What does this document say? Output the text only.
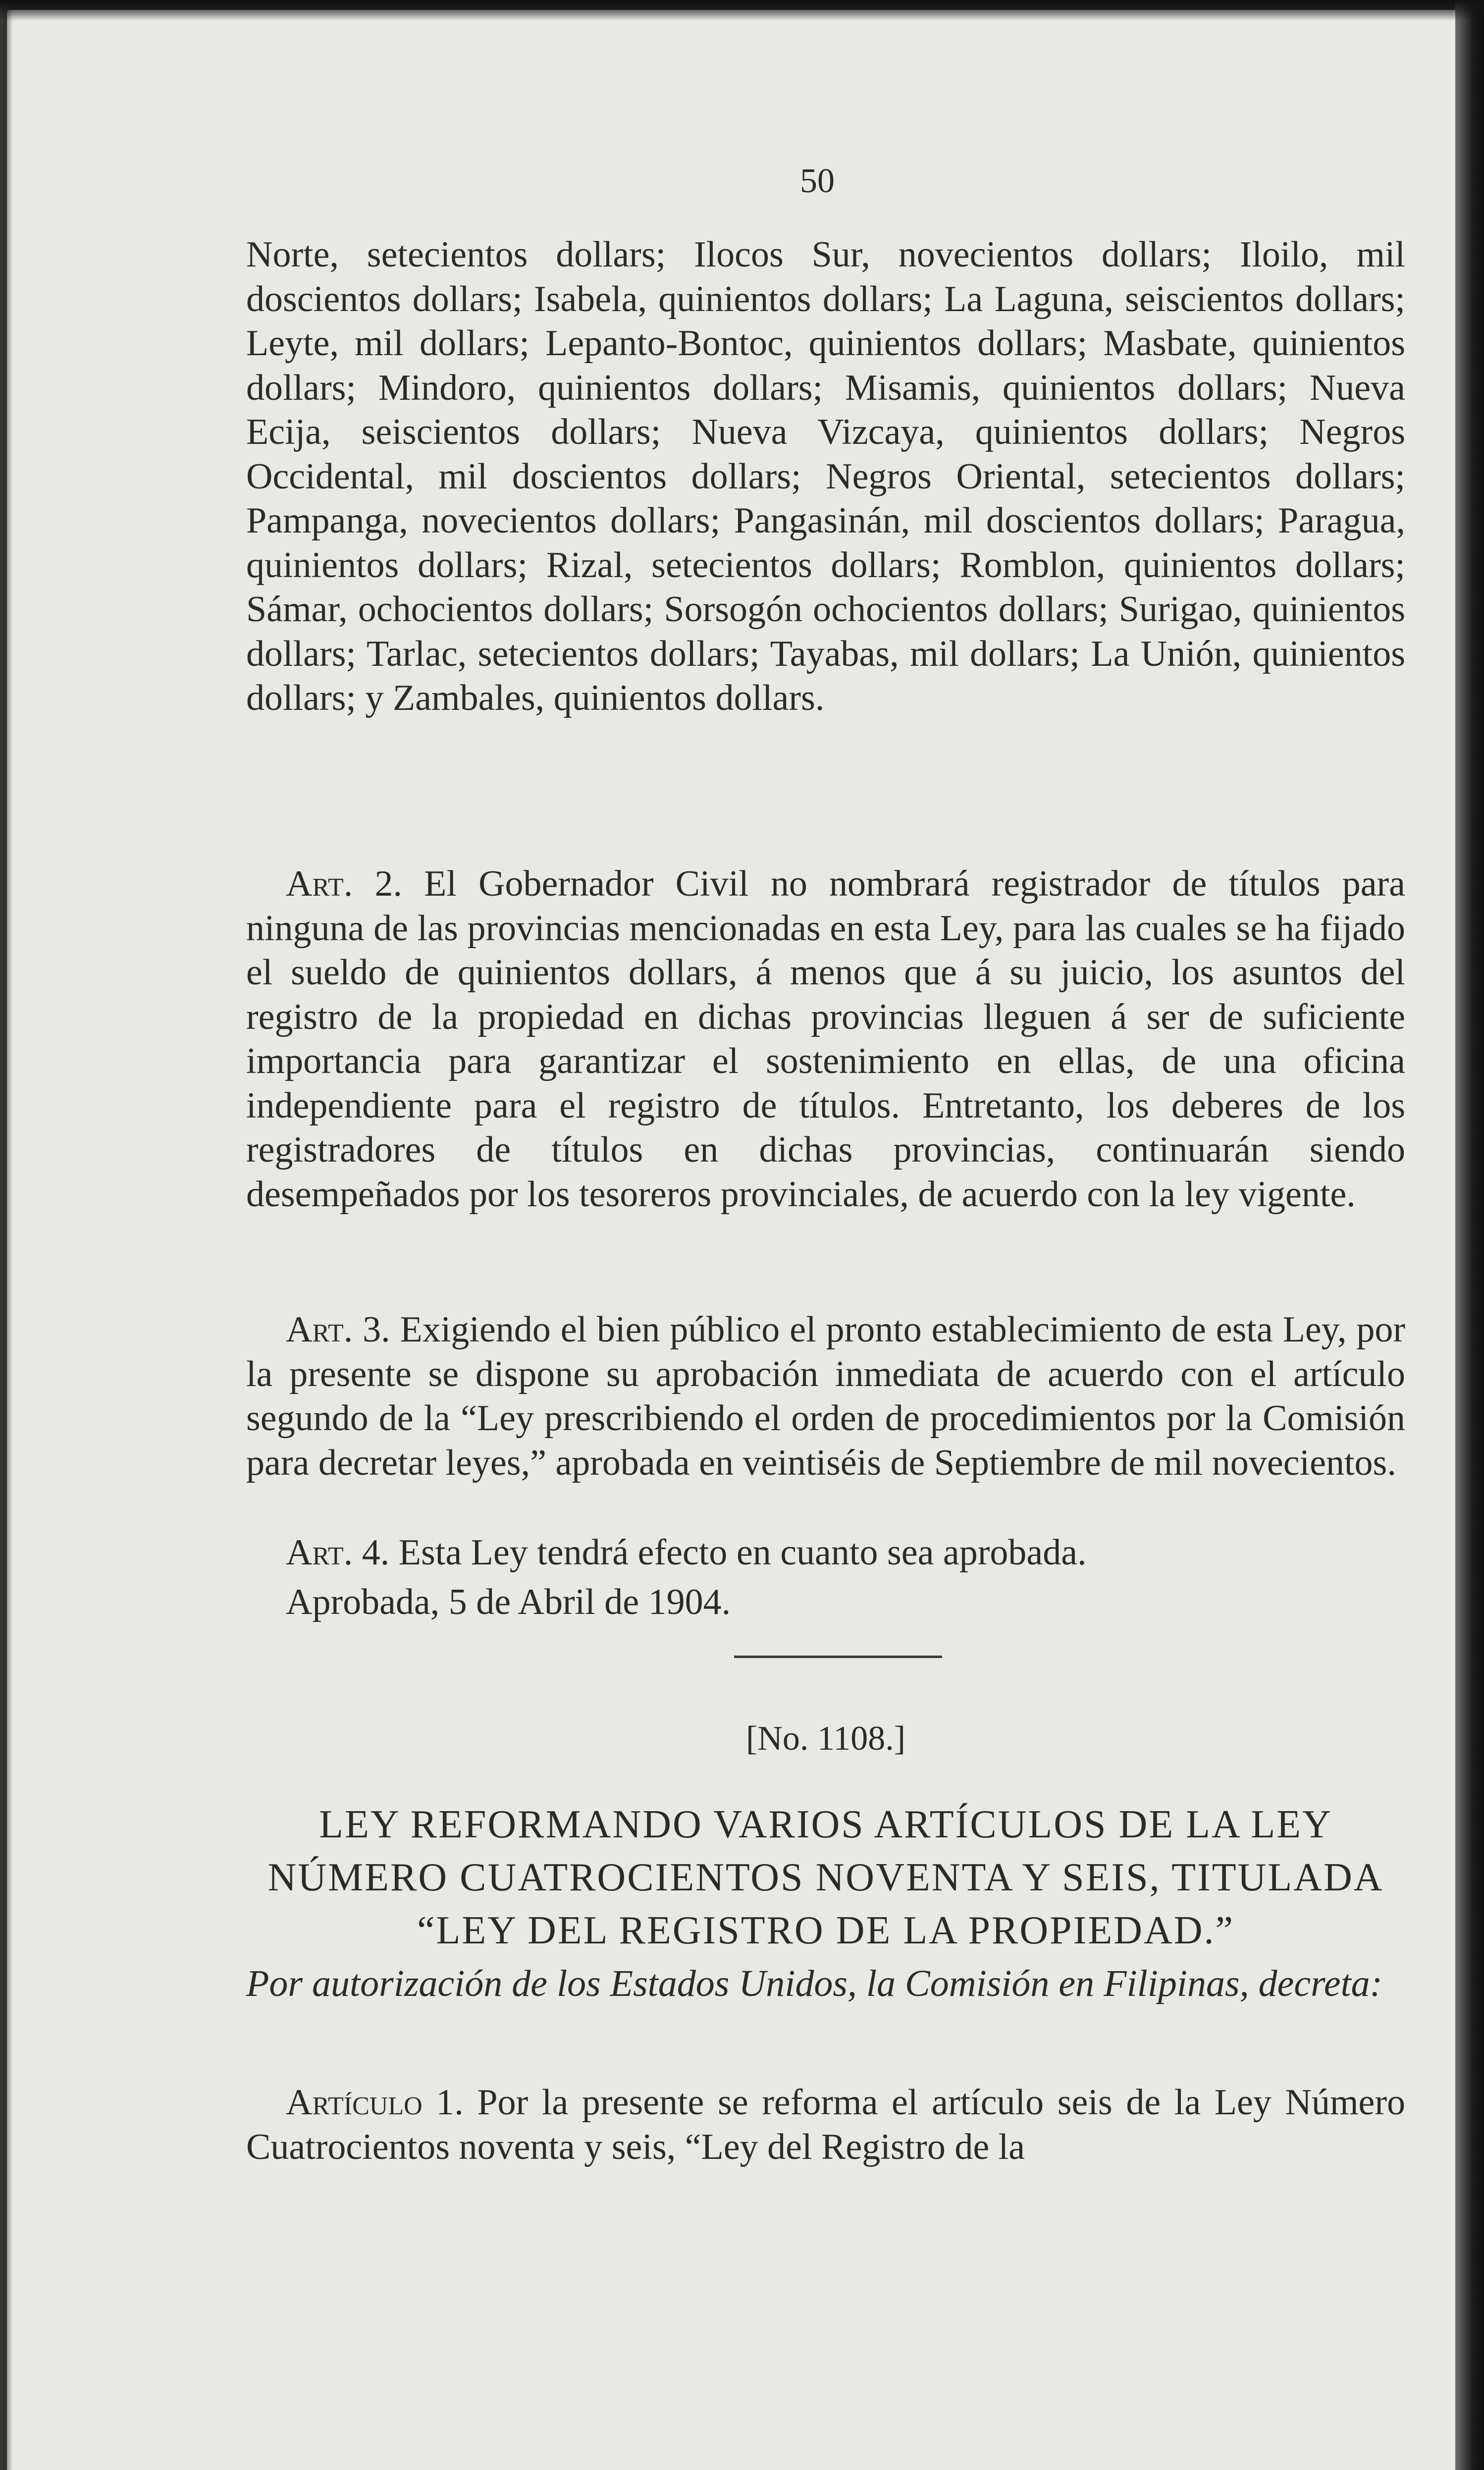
50
Norte, setecientos dollars; Ilocos Sur, novecientos dollars; Iloilo, mil doscientos dollars; Isabela, quinientos dollars; La Laguna, seiscientos dollars; Leyte, mil dollars; Lepanto-Bontoc, quinientos dollars; Masbate, quinientos dollars; Mindoro, quinientos dollars; Misamis, quinientos dollars; Nueva Ecija, seiscientos dollars; Nueva Vizcaya, quinientos dollars; Negros Occidental, mil doscientos dollars; Negros Oriental, setecientos dollars; Pampanga, novecientos dollars; Pangasinán, mil doscientos dollars; Paragua, quinientos dollars; Rizal, setecientos dollars; Romblon, quinientos dollars; Sámar, ochocientos dollars; Sorsogón ochocientos dollars; Surigao, quinientos dollars; Tarlac, setecientos dollars; Tayabas, mil dollars; La Unión, quinientos dollars; y Zambales, quinientos dollars.
Art. 2. El Gobernador Civil no nombrará registrador de títulos para ninguna de las provincias mencionadas en esta Ley, para las cuales se ha fijado el sueldo de quinientos dollars, á menos que á su juicio, los asuntos del registro de la propiedad en dichas provincias lleguen á ser de suficiente importancia para garantizar el sostenimiento en ellas, de una oficina independiente para el registro de títulos. Entretanto, los deberes de los registradores de títulos en dichas provincias, continuarán siendo desempeñados por los tesoreros provinciales, de acuerdo con la ley vigente.
Art. 3. Exigiendo el bien público el pronto establecimiento de esta Ley, por la presente se dispone su aprobación inmediata de acuerdo con el artículo segundo de la “Ley prescribiendo el orden de procedimientos por la Comisión para decretar leyes,” aprobada en veintiséis de Septiembre de mil novecientos.
Art. 4. Esta Ley tendrá efecto en cuanto sea aprobada.
Aprobada, 5 de Abril de 1904.
[No. 1108.]
LEY REFORMANDO VARIOS ARTÍCULOS DE LA LEY NÚMERO CUATROCIENTOS NOVENTA Y SEIS, TITULADA “LEY DEL REGISTRO DE LA PROPIEDAD.”
Por autorización de los Estados Unidos, la Comisión en Filipinas, decreta:
Artículo 1. Por la presente se reforma el artículo seis de la Ley Número Cuatrocientos noventa y seis, “Ley del Registro de la
